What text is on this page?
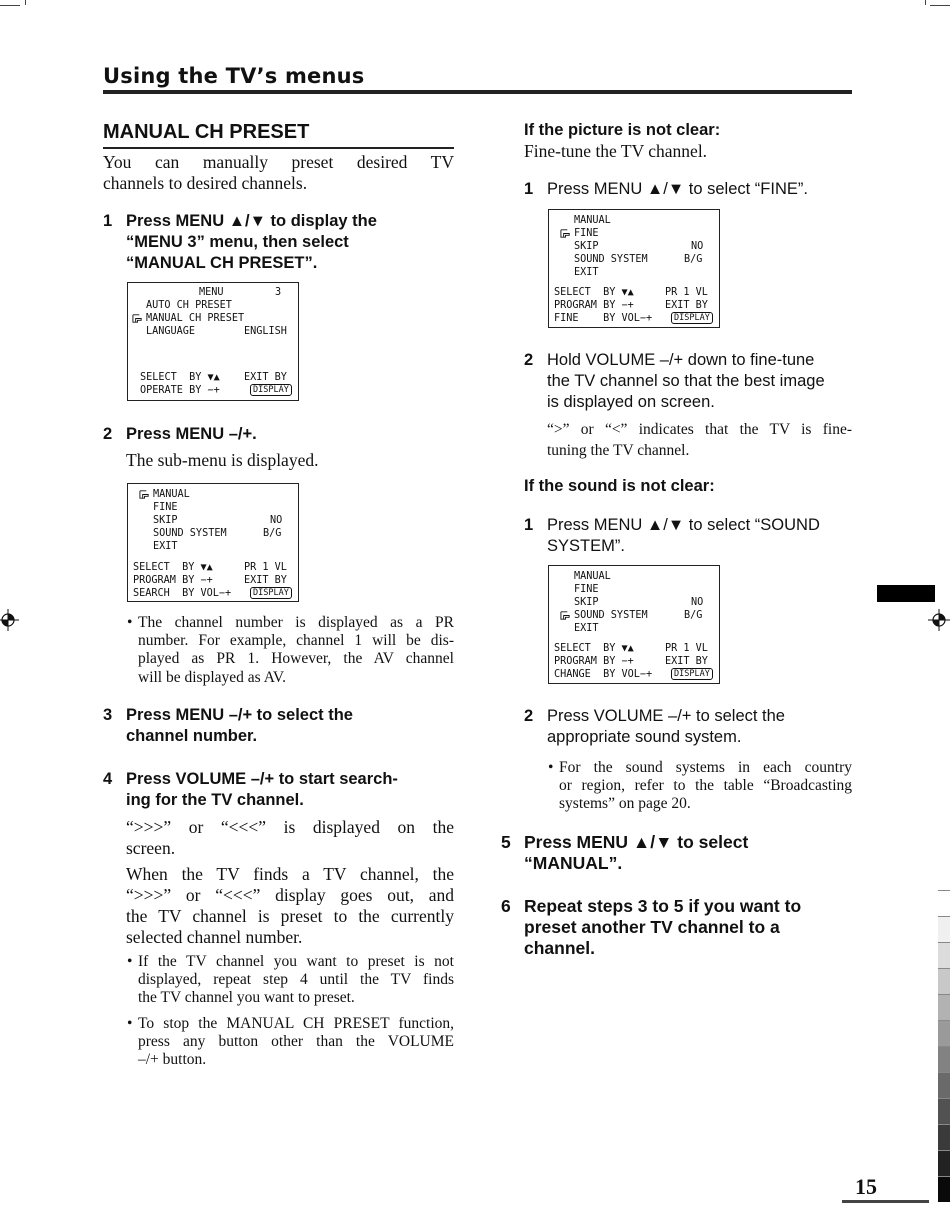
Using the TV’s menus
MANUAL CH PRESET
You can manually preset desired TV
channels to desired channels.
1 Press MENU ▲/▼ to display the
“MENU 3” menu, then select
“MANUAL CH PRESET”.
MENU	3
AUTO CH PRESET
MANUAL CH PRESET
LANGUAGE	ENGLISH
SELECT  BY ▼▲ EXIT BY
OPERATE BY −+	DISPLAY
2 Press MENU –/+.
The sub-menu is displayed.
MANUAL
FINE
SKIP	NO
SOUND SYSTEM	B/G
EXIT
SELECT  BY ▼▲	PR 1 VL
PROGRAM BY −+	EXIT BY
SEARCH  BY VOL−+	DISPLAY
• The channel number is displayed as a PR
number. For example, channel 1 will be dis-
played as PR 1. However, the AV channel
will be displayed as AV.
3 Press MENU –/+ to select the
channel number.
4 Press VOLUME –/+ to start search-
ing for the TV channel.
“>>>” or “<<<” is displayed on the
screen.
When the TV finds a TV channel, the
“>>>” or “<<<” display goes out, and
the TV channel is preset to the currently
selected channel number.
• If the TV channel you want to preset is not
displayed, repeat step 4 until the TV finds
the TV channel you want to preset.
• To stop the MANUAL CH PRESET function,
press any button other than the VOLUME
–/+ button.
If the picture is not clear:
Fine-tune the TV channel.
1 Press MENU ▲/▼ to select “FINE”.
MANUAL
FINE
SKIP	NO
SOUND SYSTEM	B/G
EXIT
SELECT  BY ▼▲	PR 1 VL
PROGRAM BY −+	EXIT BY
FINE    BY VOL−+	DISPLAY
2 Hold VOLUME –/+ down to fine-tune
the TV channel so that the best image
is displayed on screen.
“>” or “<” indicates that the TV is fine-
tuning the TV channel.
If the sound is not clear:
1 Press MENU ▲/▼ to select “SOUND
SYSTEM”.
MANUAL
FINE
SKIP	NO
SOUND SYSTEM	B/G
EXIT
SELECT  BY ▼▲	PR 1 VL
PROGRAM BY −+	EXIT BY
CHANGE  BY VOL−+	DISPLAY
2 Press VOLUME –/+ to select the
appropriate sound system.
• For the sound systems in each country
or region, refer to the table “Broadcasting
systems” on page 20.
5 Press MENU ▲/▼ to select
“MANUAL”.
6 Repeat steps 3 to 5 if you want to
preset another TV channel to a
channel.
15
